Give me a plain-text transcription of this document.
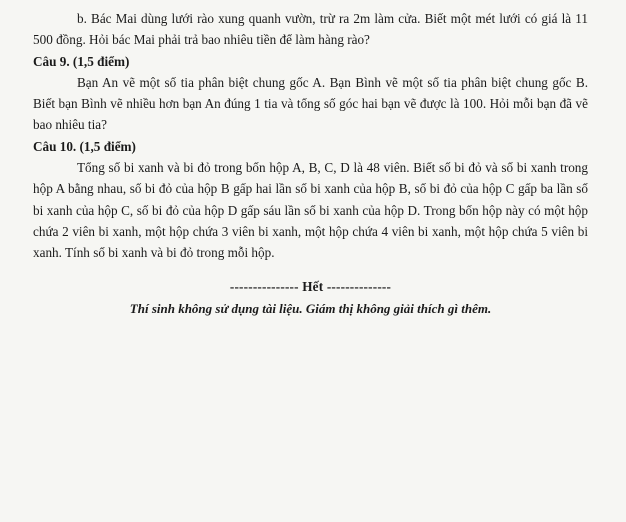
b. Bác Mai dùng lưới rào xung quanh vườn, trừ ra 2m làm cửa. Biết một mét lưới có giá là 11 500 đồng. Hỏi bác Mai phải trả bao nhiêu tiền để làm hàng rào?

Câu 9. (1,5 điểm)

Bạn An vẽ một số tia phân biệt chung gốc A. Bạn Bình vẽ một số tia phân biệt chung gốc B. Biết bạn Bình vẽ nhiều hơn bạn An đúng 1 tia và tổng số góc hai bạn vẽ được là 100. Hỏi mỗi bạn đã vẽ bao nhiêu tia?

Câu 10. (1,5 điểm)

Tổng số bi xanh và bi đỏ trong bốn hộp A, B, C, D là 48 viên. Biết số bi đỏ và số bi xanh trong hộp A bằng nhau, số bi đỏ của hộp B gấp hai lần số bi xanh của hộp B, số bi đỏ của hộp C gấp ba lần số bi xanh của hộp C, số bi đỏ của hộp D gấp sáu lần số bi xanh của hộp D. Trong bốn hộp này có một hộp chứa 2 viên bi xanh, một hộp chứa 3 viên bi xanh, một hộp chứa 4 viên bi xanh, một hộp chứa 5 viên bi xanh. Tính số bi xanh và bi đỏ trong mỗi hộp.

--------------- Hết --------------

Thí sinh không sử dụng tài liệu. Giám thị không giải thích gì thêm.
